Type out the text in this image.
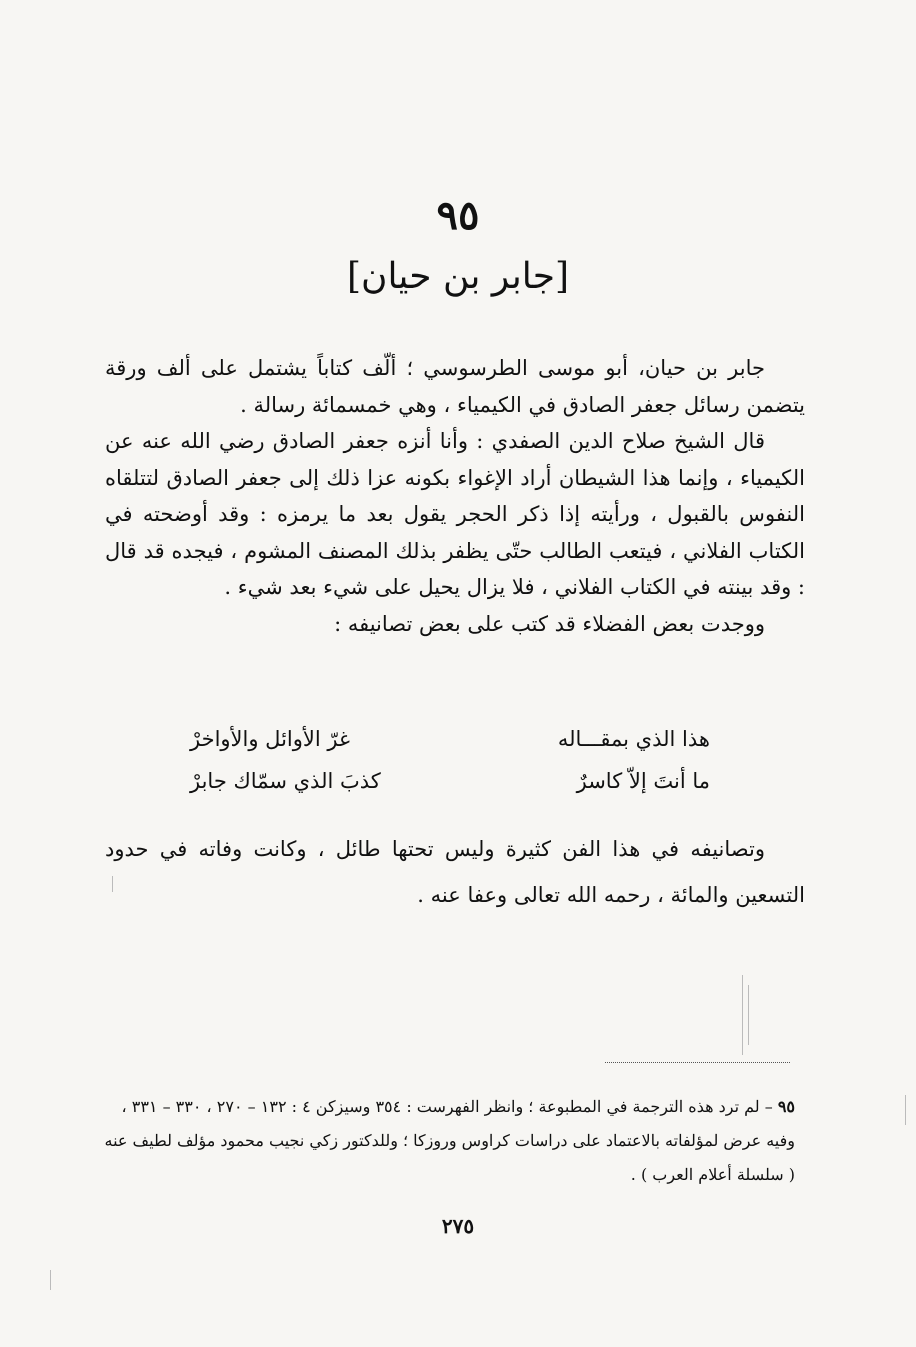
٩٥
[جابر بن حيان]

جابر بن حيان، أبو موسى الطرسوسي ؛ ألّف كتاباً يشتمل على ألف ورقة يتضمن رسائل جعفر الصادق في الكيمياء ، وهي خمسمائة رسالة .

قال الشيخ صلاح الدين الصفدي : وأنا أنزه جعفر الصادق رضي الله عنه عن الكيمياء ، وإنما هذا الشيطان أراد الإغواء بكونه عزا ذلك إلى جعفر الصادق لتتلقاه النفوس بالقبول ، ورأيته إذا ذكر الحجر يقول بعد ما يرمزه : وقد أوضحته في الكتاب الفلاني ، فيتعب الطالب حتّى يظفر بذلك المصنف المشوم ، فيجده قد قال : وقد بينته في الكتاب الفلاني ، فلا يزال يحيل على شيء بعد شيء .

ووجدت بعض الفضلاء قد كتب على بعض تصانيفه :

هذا الذي بمقـــاله
غرّ الأوائل والأواخرْ
ما أنتَ إلاّ كاسرٌ
كذبَ الذي سمّاك جابرْ

وتصانيفه في هذا الفن كثيرة وليس تحتها طائل ، وكانت وفاته في حدود التسعين والمائة ، رحمه الله تعالى وعفا عنه .

٩٥ – لم ترد هذه الترجمة في المطبوعة ؛ وانظر الفهرست : ٣٥٤ وسيزكن ٤ : ١٣٢ – ٢٧٠ ، ٣٣٠ – ٣٣١ ، وفيه عرض لمؤلفاته بالاعتماد على دراسات كراوس وروزكا ؛ وللدكتور زكي نجيب محمود مؤلف لطيف عنه ( سلسلة أعلام العرب ) .

٢٧٥
